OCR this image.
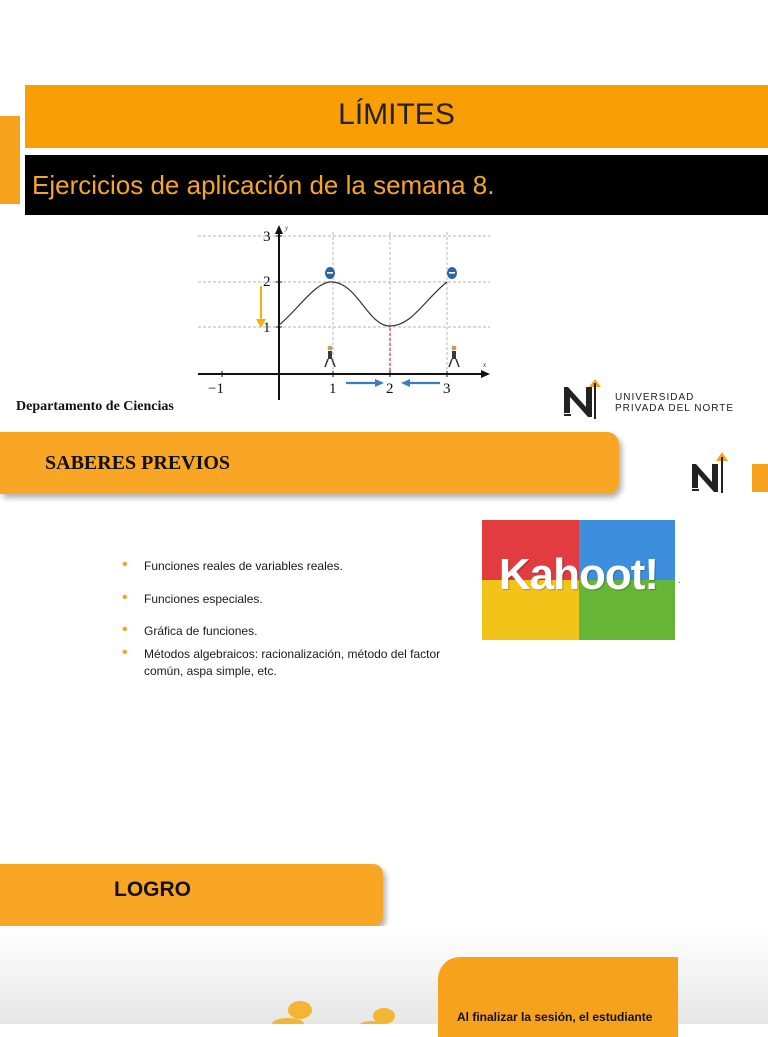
LÍMITES
Ejercicios de aplicación de la semana 8.
3
2
1
−1	1	2	3
y
x
Departamento de Ciencias
UNIVERSIDAD
PRIVADA DEL NORTE
SABERES PREVIOS
• Funciones reales de variables reales.
• Funciones especiales.
• Gráfica de funciones.
• Métodos algebraicos: racionalización, método del factor común, aspa simple, etc.
Kahoot!	.
LOGRO
Al finalizar la sesión, el estudiante
